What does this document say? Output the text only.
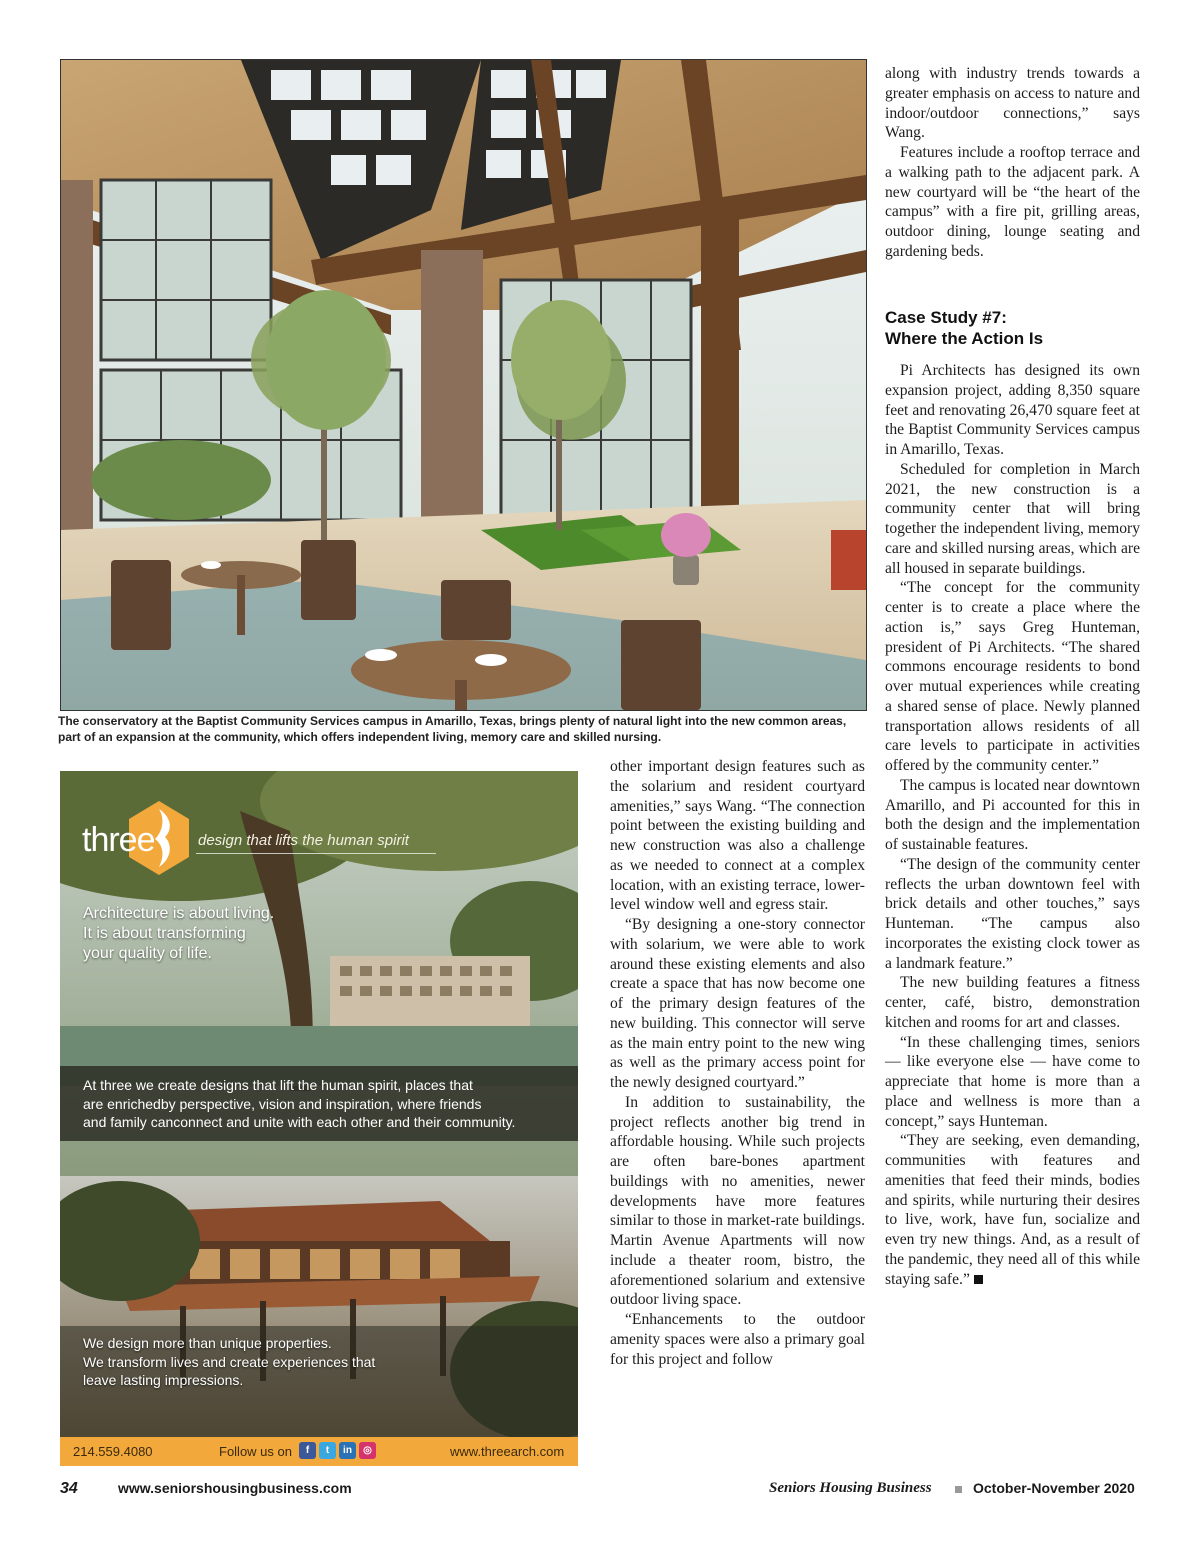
The conservatory at the Baptist Community Services campus in Amarillo, Texas, brings plenty of natural light into the new common areas, part of an expansion at the community, which offers independent living, memory care and skilled nursing.
three	design that lifts the human spirit
Architecture is about living.
It is about transforming
your quality of life.
At three we create designs that lift the human spirit, places that
are enrichedby perspective, vision and inspiration, where friends
and family canconnect and unite with each other and their community.
We design more than unique properties.
We transform lives and create experiences that
leave lasting impressions.
214.559.4080	Follow us on	f	t	in	◎	www.threearch.com

other important design features such as the solarium and resident courtyard amenities,” says Wang. “The connection point between the existing building and new construction was also a challenge as we needed to connect at a complex location, with an existing terrace, lower-level window well and egress stair.

“By designing a one-story connector with solarium, we were able to work around these existing elements and also create a space that has now become one of the primary design features of the new building. This connector will serve as the main entry point to the new wing as well as the primary access point for the newly designed courtyard.”

In addition to sustainability, the project reflects another big trend in affordable housing. While such projects are often bare-bones apartment buildings with no amenities, newer developments have more features similar to those in market-rate buildings. Martin Avenue Apartments will now include a theater room, bistro, the aforementioned solarium and extensive outdoor living space.

“Enhancements to the outdoor amenity spaces were also a primary goal for this project and follow

along with industry trends towards a greater emphasis on access to nature and indoor/outdoor connections,” says Wang.

Features include a rooftop terrace and a walking path to the adjacent park. A new courtyard will be “the heart of the campus” with a fire pit, grilling areas, outdoor dining, lounge seating and gardening beds.

Case Study #7:
Where the Action Is

Pi Architects has designed its own expansion project, adding 8,350 square feet and renovating 26,470 square feet at the Baptist Community Services campus in Amarillo, Texas.

Scheduled for completion in March 2021, the new construction is a community center that will bring together the independent living, memory care and skilled nursing areas, which are all housed in separate buildings.

“The concept for the community center is to create a place where the action is,” says Greg Hunteman, president of Pi Architects. “The shared commons encourage residents to bond over mutual experiences while creating a shared sense of place. Newly planned transportation allows residents of all care levels to participate in activities offered by the community center.”

The campus is located near downtown Amarillo, and Pi accounted for this in both the design and the implementation of sustainable features.

“The design of the community center reflects the urban downtown feel with brick details and other touches,” says Hunteman. “The campus also incorporates the existing clock tower as a landmark feature.”

The new building features a fitness center, café, bistro, demonstration kitchen and rooms for art and classes.

“In these challenging times, seniors — like everyone else — have come to appreciate that home is more than a place and wellness is more than a concept,” says Hunteman.

“They are seeking, even demanding, communities with features and amenities that feed their minds, bodies and spirits, while nurturing their desires to live, work, have fun, socialize and even try new things. And, as a result of the pandemic, they need all of this while staying safe.”

34	www.seniorshousingbusiness.com	Seniors Housing Business	October-November 2020
